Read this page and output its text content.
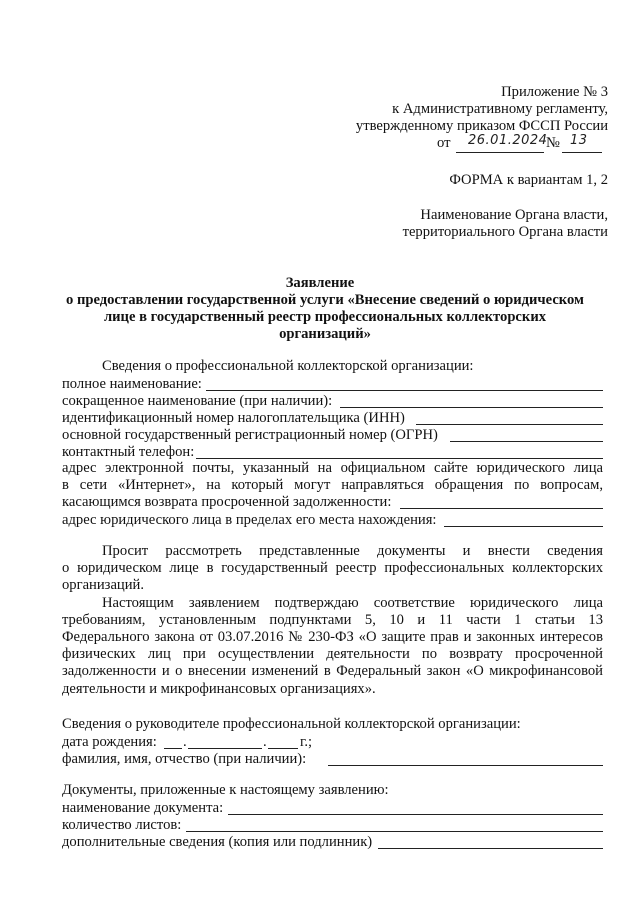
Приложение № 3
к Административному регламенту,
утвержденному приказом ФССП России
от 26.01.2024
№ 13
ФОРМА к вариантам 1, 2
Наименование Органа власти,
территориального Органа власти
Заявление
о предоставлении государственной услуги «Внесение сведений о юридическом
лице в государственный реестр профессиональных коллекторских
организаций»
Сведения о профессиональной коллекторской организации:
полное наименование:
сокращенное наименование (при наличии):
идентификационный номер налогоплательщика (ИНН)
основной государственный регистрационный номер (ОГРН)
контактный телефон:
адрес электронной почты, указанный на официальном сайте юридического лица
в сети «Интернет», на который могут направляться обращения по вопросам,
касающимся возврата просроченной задолженности:
адрес юридического лица в пределах его места нахождения:
Просит рассмотреть представленные документы и внести сведения
о юридическом лице в государственный реестр профессиональных коллекторских
организаций.
Настоящим заявлением подтверждаю соответствие юридического лица
требованиям, установленным подпунктами 5, 10 и 11 части 1 статьи 13
Федерального закона от 03.07.2016 № 230-ФЗ «О защите прав и законных интересов
физических лиц при осуществлении деятельности по возврату просроченной
задолженности и о внесении изменений в Федеральный закон «О микрофинансовой
деятельности и микрофинансовых организациях».
Сведения о руководителе профессиональной коллекторской организации:
дата рождения: .	. г.;
фамилия, имя, отчество (при наличии):
Документы, приложенные к настоящему заявлению:
наименование документа:
количество листов:
дополнительные сведения (копия или подлинник)
